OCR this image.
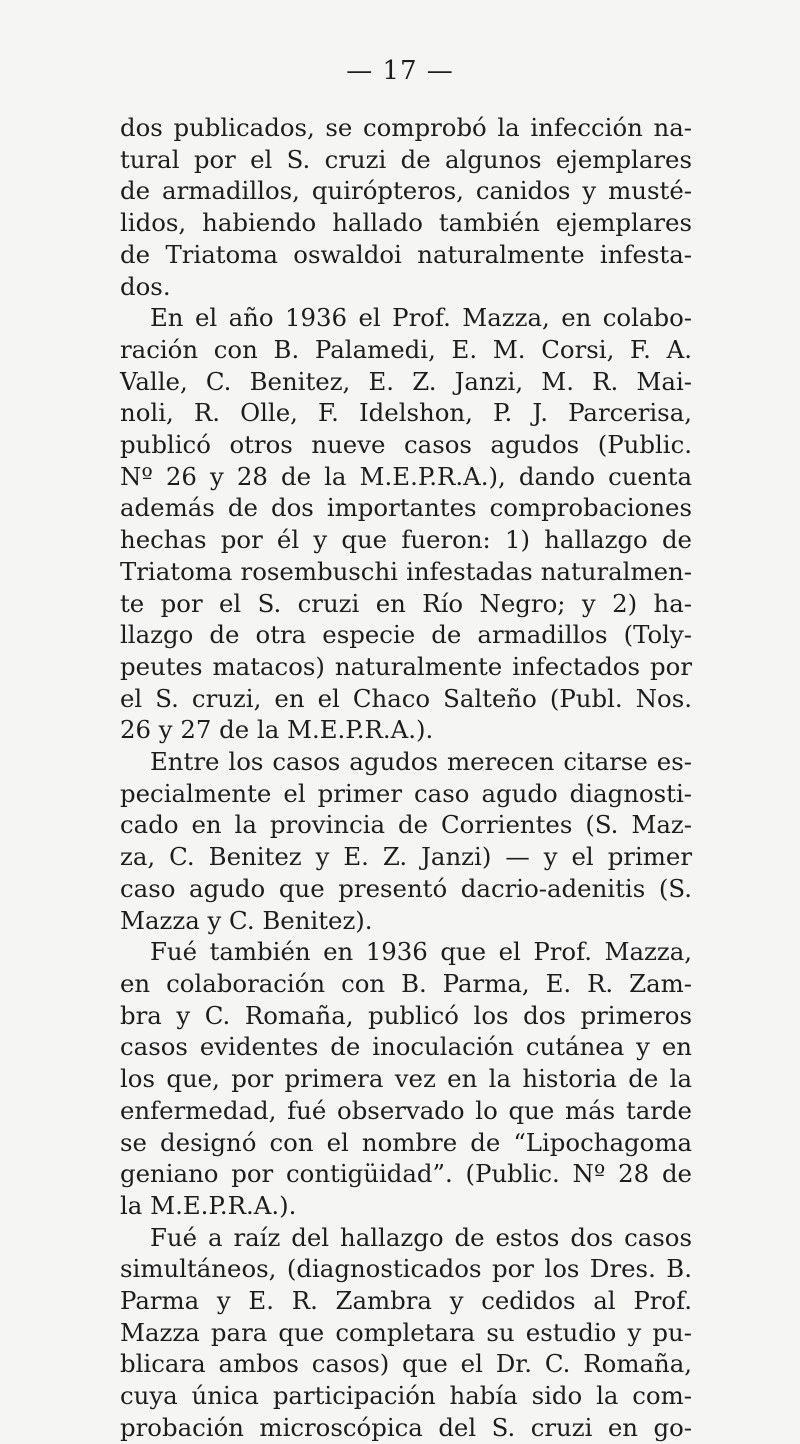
— 17 —
dos publicados, se comprobó la infección na-
tural por el S. cruzi de algunos ejemplares
de armadillos, quirópteros, canidos y musté-
lidos, habiendo hallado también ejemplares
de Triatoma oswaldoi naturalmente infesta-
dos.
En el año 1936 el Prof. Mazza, en colabo-
ración con B. Palamedi, E. M. Corsi, F. A.
Valle, C. Benitez, E. Z. Janzi, M. R. Mai-
noli, R. Olle, F. Idelshon, P. J. Parcerisa,
publicó otros nueve casos agudos (Public.
Nº 26 y 28 de la M.E.P.R.A.), dando cuenta
además de dos importantes comprobaciones
hechas por él y que fueron: 1) hallazgo de
Triatoma rosembuschi infestadas naturalmen-
te por el S. cruzi en Río Negro; y 2) ha-
llazgo de otra especie de armadillos (Toly-
peutes matacos) naturalmente infectados por
el S. cruzi, en el Chaco Salteño (Publ. Nos.
26 y 27 de la M.E.P.R.A.).
Entre los casos agudos merecen citarse es-
pecialmente el primer caso agudo diagnosti-
cado en la provincia de Corrientes (S. Maz-
za, C. Benitez y E. Z. Janzi) — y el primer
caso agudo que presentó dacrio-adenitis (S.
Mazza y C. Benitez).
Fué también en 1936 que el Prof. Mazza,
en colaboración con B. Parma, E. R. Zam-
bra y C. Romaña, publicó los dos primeros
casos evidentes de inoculación cutánea y en
los que, por primera vez en la historia de la
enfermedad, fué observado lo que más tarde
se designó con el nombre de “Lipochagoma
geniano por contigüidad”. (Public. Nº 28 de
la M.E.P.R.A.).
Fué a raíz del hallazgo de estos dos casos
simultáneos, (diagnosticados por los Dres. B.
Parma y E. R. Zambra y cedidos al Prof.
Mazza para que completara su estudio y pu-
blicara ambos casos) que el Dr. C. Romaña,
cuya única participación había sido la com-
probación microscópica del S. cruzi en go-
